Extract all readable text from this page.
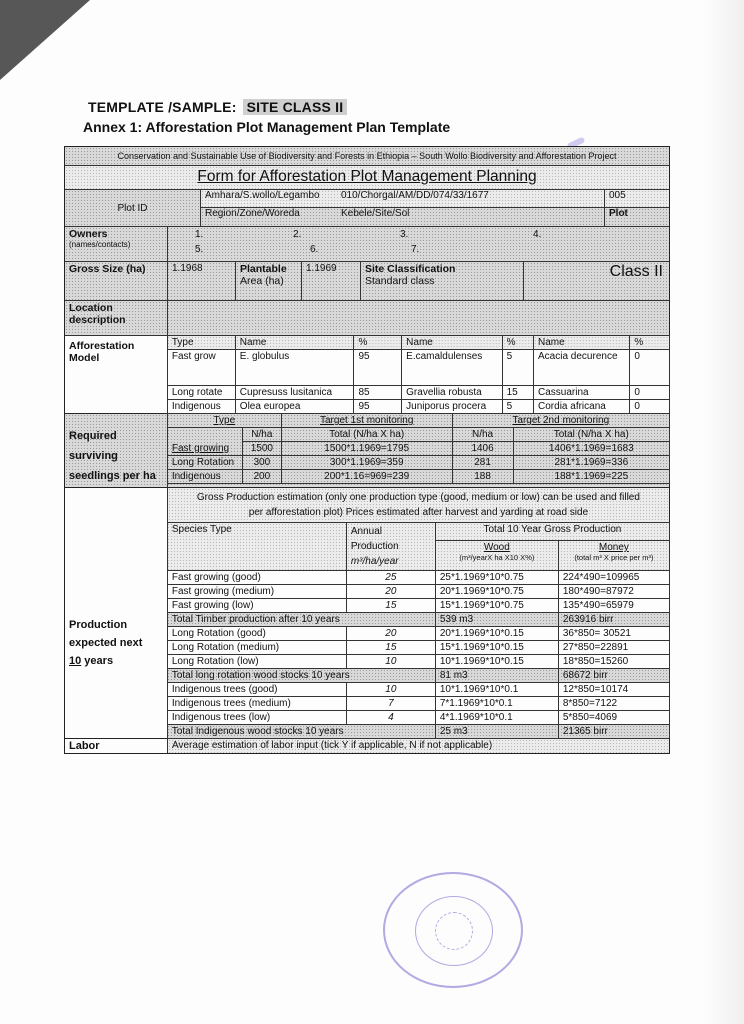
TEMPLATE /SAMPLE: SITE CLASS II
Annex 1: Afforestation Plot Management Plan Template
Conservation and Sustainable Use of Biodiversity and Forests in Ethiopia – South Wollo Biodiversity and Afforestation Project
Form for Afforestation Plot Management Planning
Plot ID
Amhara/S.wollo/Legambo	010/Chorgal/AM/DD/074/33/1677
Region/Zone/Woreda	Kebele/Site/Sol
005
Plot
Owners
(names/contacts)
1.	2.	3.	4.
5.	6.	7.
Gross Size (ha)	1.1968	Plantable
Area (ha)
1.1969	Site Classification
Standard class
Class II
Location
description
Afforestation
Model
Type	Name	%	Name	%	Name	%
Fast grow	E. globulus	95	E.camaldulenses	5	Acacia decurence	0
Long rotate	Cupresuss lusitanica	85	Gravellia robusta	15	Cassuarina	0
Indigenous	Olea europea	95	Juniporus procera	5	Cordia africana	0
Required surviving seedlings per ha
Type		Target 1st monitoring	Target 2nd monitoring	
	N/ha	Total (N/ha X ha)	N/ha	Total (N/ha X ha)
Fast growing	1500	1500*1.1969=1795	1406	1406*1.1969=1683
Long Rotation	300	300*1.1969=359	281	281*1.1969=336
Indigenous	200	200*1.16=969=239	188	188*1.1969=225
Production
expected next
10 years
Gross Production estimation (only one production type (good, medium or low) can be used and filled
per afforestation plot) Prices estimated after harvest and yarding at road side
Species Type	Annual
Production
m³/ha/year	Total 10 Year Gross Production	

Wood
(m³/yearX ha X10 X%)

Money
(total m³ X price per m³)

Fast growing (good)	25	25*1.1969*10*0.75	224*490=109965
Fast growing (medium)	20	20*1.1969*10*0.75	180*490=87972
Fast growing (low)	15	15*1.1969*10*0.75	135*490=65979
Total Timber production after 10 years		539 m3	263916 birr
Long Rotation (good)	20	20*1.1969*10*0.15	36*850= 30521
Long Rotation (medium)	15	15*1.1969*10*0.15	27*850=22891
Long Rotation (low)	10	10*1.1969*10*0.15	18*850=15260
Total long rotation wood stocks 10 years		81 m3	68672 birr
Indigenous trees (good)	10	10*1.1969*10*0.1	12*850=10174
Indigenous trees (medium)	7	7*1.1969*10*0.1	8*850=7122
Indigenous trees (low)	4	4*1.1969*10*0.1	5*850=4069
Total Indigenous wood stocks 10 years		25 m3	21365 birr
Labor	Average estimation of labor input (tick Y if applicable, N if not applicable)
